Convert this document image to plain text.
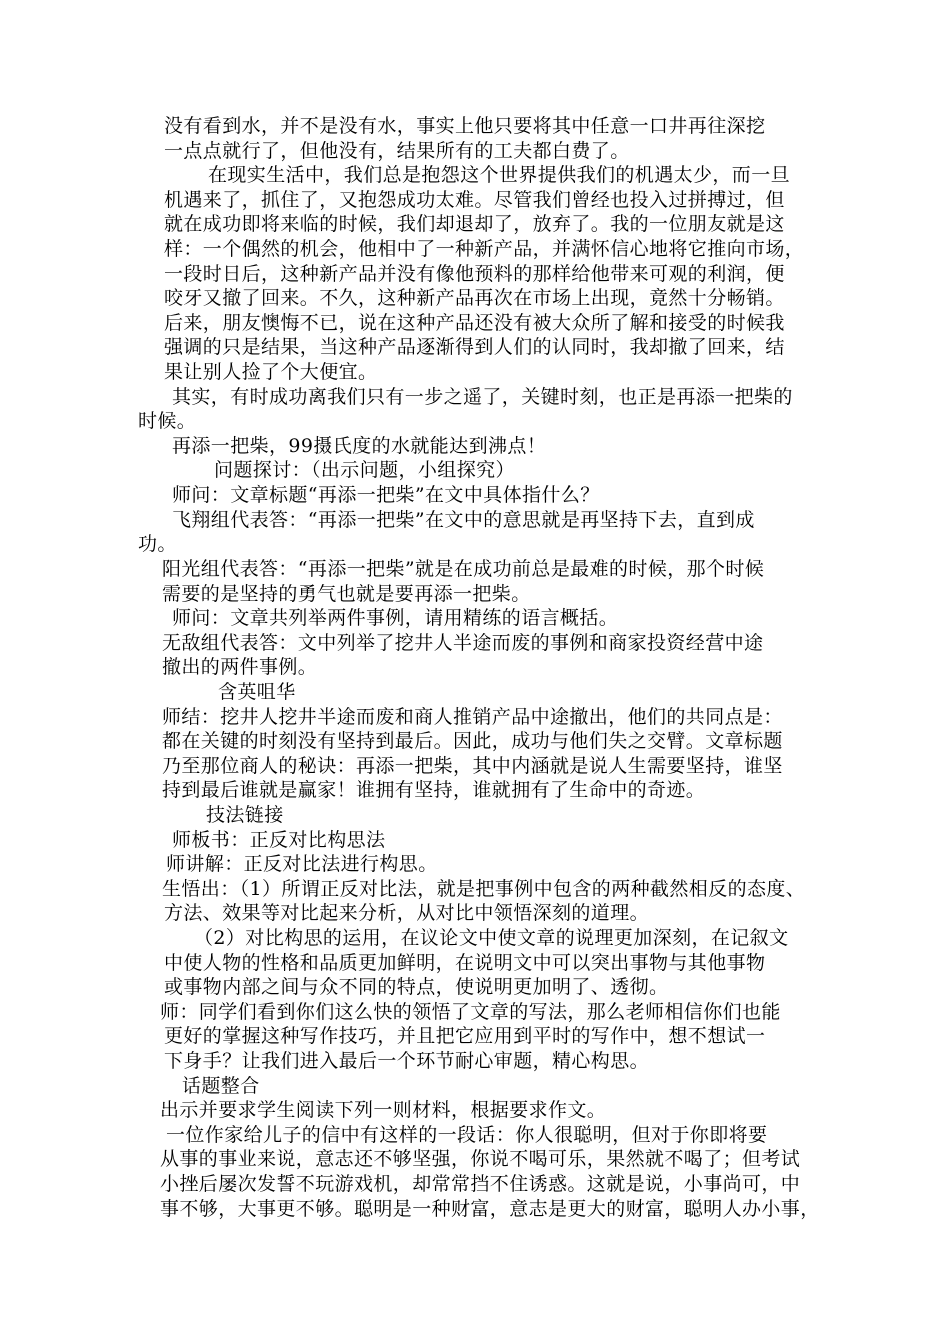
没有看到水，并不是没有水，事实上他只要将其中任意一口井再往深挖
一点点就行了，但他没有，结果所有的工夫都白费了。
在现实生活中，我们总是抱怨这个世界提供我们的机遇太少，而一旦
机遇来了，抓住了，又抱怨成功太难。尽管我们曾经也投入过拼搏过，但
就在成功即将来临的时候，我们却退却了，放弃了。我的一位朋友就是这
样：一个偶然的机会，他相中了一种新产品，并满怀信心地将它推向市场，
一段时日后，这种新产品并没有像他预料的那样给他带来可观的利润，便
咬牙又撤了回来。不久，这种新产品再次在市场上出现，竟然十分畅销。
后来，朋友懊悔不已，说在这种产品还没有被大众所了解和接受的时候我
强调的只是结果，当这种产品逐渐得到人们的认同时，我却撤了回来，结
果让别人捡了个大便宜。
其实，有时成功离我们只有一步之遥了，关键时刻，也正是再添一把柴的
时候。
再添一把柴，99摄氏度的水就能达到沸点！
问题探讨：（出示问题，小组探究）
师问：文章标题“再添一把柴”在文中具体指什么？
飞翔组代表答：“再添一把柴”在文中的意思就是再坚持下去，直到成
功。
阳光组代表答：“再添一把柴”就是在成功前总是最难的时候，那个时候
需要的是坚持的勇气也就是要再添一把柴。
师问：文章共列举两件事例，请用精练的语言概括。
无敌组代表答：文中列举了挖井人半途而废的事例和商家投资经营中途
撤出的两件事例。
含英咀华
师结：挖井人挖井半途而废和商人推销产品中途撤出，他们的共同点是：
都在关键的时刻没有坚持到最后。因此，成功与他们失之交臂。文章标题
乃至那位商人的秘诀：再添一把柴，其中内涵就是说人生需要坚持，谁坚
持到最后谁就是赢家！谁拥有坚持，谁就拥有了生命中的奇迹。
技法链接
师板书：正反对比构思法
师讲解：正反对比法进行构思。
生悟出：（1）所谓正反对比法，就是把事例中包含的两种截然相反的态度、
方法、效果等对比起来分析，从对比中领悟深刻的道理。
（2）对比构思的运用，在议论文中使文章的说理更加深刻，在记叙文
中使人物的性格和品质更加鲜明，在说明文中可以突出事物与其他事物
或事物内部之间与众不同的特点，使说明更加明了、透彻。
师：同学们看到你们这么快的领悟了文章的写法，那么老师相信你们也能
更好的掌握这种写作技巧，并且把它应用到平时的写作中，想不想试一
下身手？让我们进入最后一个环节耐心审题，精心构思。
话题整合
出示并要求学生阅读下列一则材料，根据要求作文。
一位作家给儿子的信中有这样的一段话：你人很聪明，但对于你即将要
从事的事业来说，意志还不够坚强，你说不喝可乐，果然就不喝了；但考试
小挫后屡次发誓不玩游戏机，却常常挡不住诱惑。这就是说，小事尚可，中
事不够，大事更不够。聪明是一种财富，意志是更大的财富，聪明人办小事，
